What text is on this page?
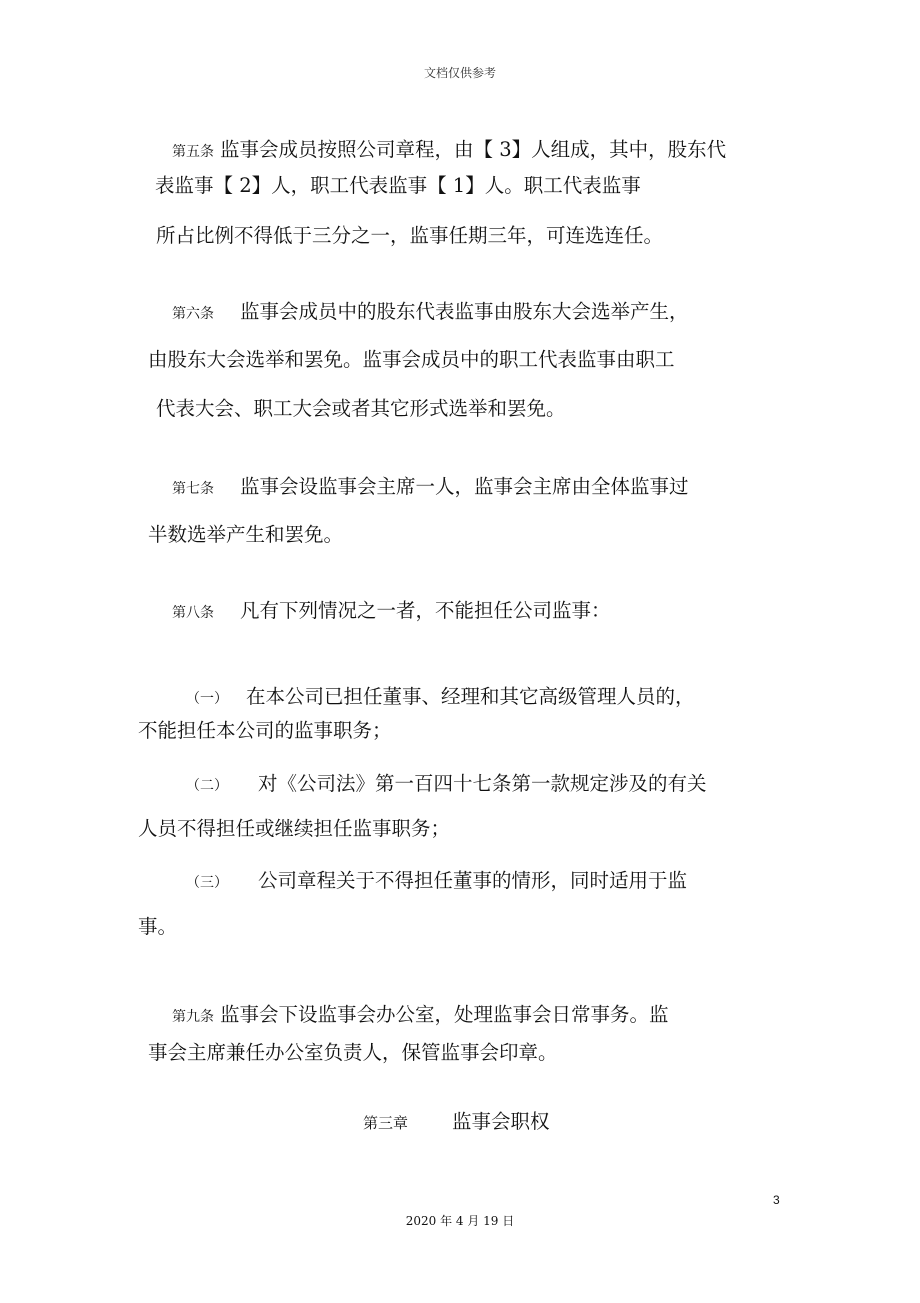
文档仅供参考
第五条 监事会成员按照公司章程，由【 3】人组成，其中，股东代
表监事【 2】人，职工代表监事【 1】人。职工代表监事
所占比例不得低于三分之一，监事任期三年，可连选连任。
第六条 监事会成员中的股东代表监事由股东大会选举产生，
由股东大会选举和罢免。监事会成员中的职工代表监事由职工
代表大会、职工大会或者其它形式选举和罢免。
第七条 监事会设监事会主席一人，监事会主席由全体监事过
半数选举产生和罢免。
第八条 凡有下列情况之一者，不能担任公司监事：
（一） 在本公司已担任董事、经理和其它高级管理人员的，
不能担任本公司的监事职务；
（二） 对《公司法》第一百四十七条第一款规定涉及的有关
人员不得担任或继续担任监事职务；
（三） 公司章程关于不得担任董事的情形，同时适用于监
事。
第九条 监事会下设监事会办公室，处理监事会日常事务。监
事会主席兼任办公室负责人，保管监事会印章。
第三章 监事会职权
3
2020 年 4 月 19 日
